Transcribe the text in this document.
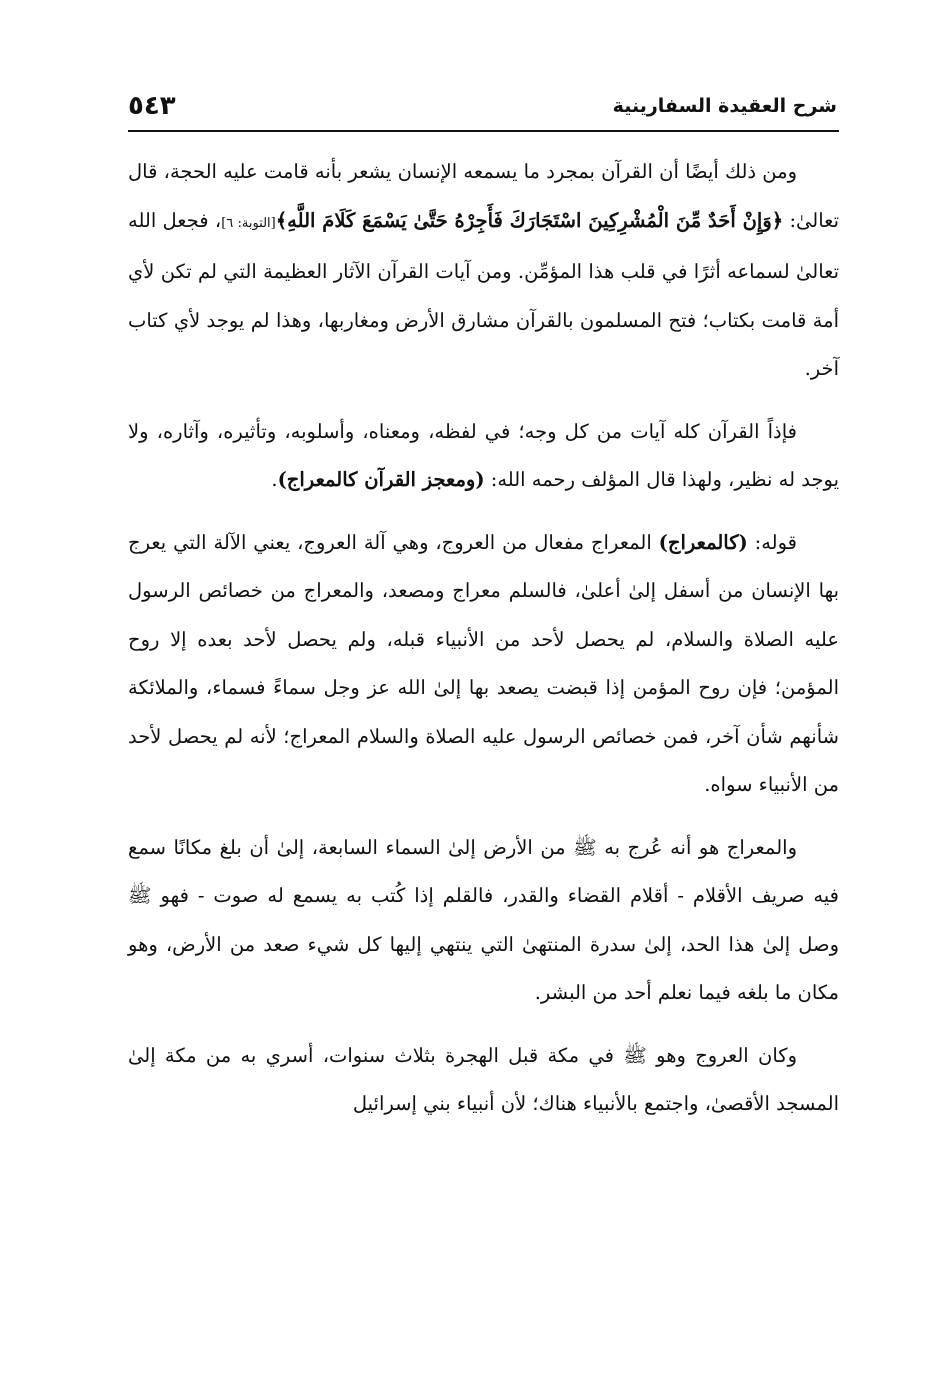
شرح العقيدة السفارينية
٥٤٣

ومن ذلك أيضًا أن القرآن بمجرد ما يسمعه الإنسان يشعر بأنه قامت عليه الحجة، قال تعالىٰ: ﴿وَإِنْ أَحَدٌ مِّنَ الْمُشْرِكِينَ اسْتَجَارَكَ فَأَجِرْهُ حَتَّىٰ يَسْمَعَ كَلَامَ اللَّهِ﴾[التوبة: ٦]، فجعل الله تعالىٰ لسماعه أثرًا في قلب هذا المؤمِّن. ومن آيات القرآن الآثار العظيمة التي لم تكن لأي أمة قامت بكتاب؛ فتح المسلمون بالقرآن مشارق الأرض ومغاربها، وهذا لم يوجد لأي كتاب آخر.

فإذاً القرآن كله آيات من كل وجه؛ في لفظه، ومعناه، وأسلوبه، وتأثيره، وآثاره، ولا يوجد له نظير، ولهذا قال المؤلف رحمه الله: (ومعجز القرآن كالمعراج).

قوله: (كالمعراج) المعراج مفعال من العروج، وهي آلة العروج، يعني الآلة التي يعرج بها الإنسان من أسفل إلىٰ أعلىٰ، فالسلم معراج ومصعد، والمعراج من خصائص الرسول عليه الصلاة والسلام، لم يحصل لأحد من الأنبياء قبله، ولم يحصل لأحد بعده إلا روح المؤمن؛ فإن روح المؤمن إذا قبضت يصعد بها إلىٰ الله عز وجل سماءً فسماء، والملائكة شأنهم شأن آخر، فمن خصائص الرسول عليه الصلاة والسلام المعراج؛ لأنه لم يحصل لأحد من الأنبياء سواه.

والمعراج هو أنه عُرج به ﷺ من الأرض إلىٰ السماء السابعة، إلىٰ أن بلغ مكانًا سمع فيه صريف الأقلام - أقلام القضاء والقدر، فالقلم إذا كُتب به يسمع له صوت - فهو ﷺ وصل إلىٰ هذا الحد، إلىٰ سدرة المنتهىٰ التي ينتهي إليها كل شيء صعد من الأرض، وهو مكان ما بلغه فيما نعلم أحد من البشر.

وكان العروج وهو ﷺ في مكة قبل الهجرة بثلاث سنوات، أسري به من مكة إلىٰ المسجد الأقصىٰ، واجتمع بالأنبياء هناك؛ لأن أنبياء بني إسرائيل
